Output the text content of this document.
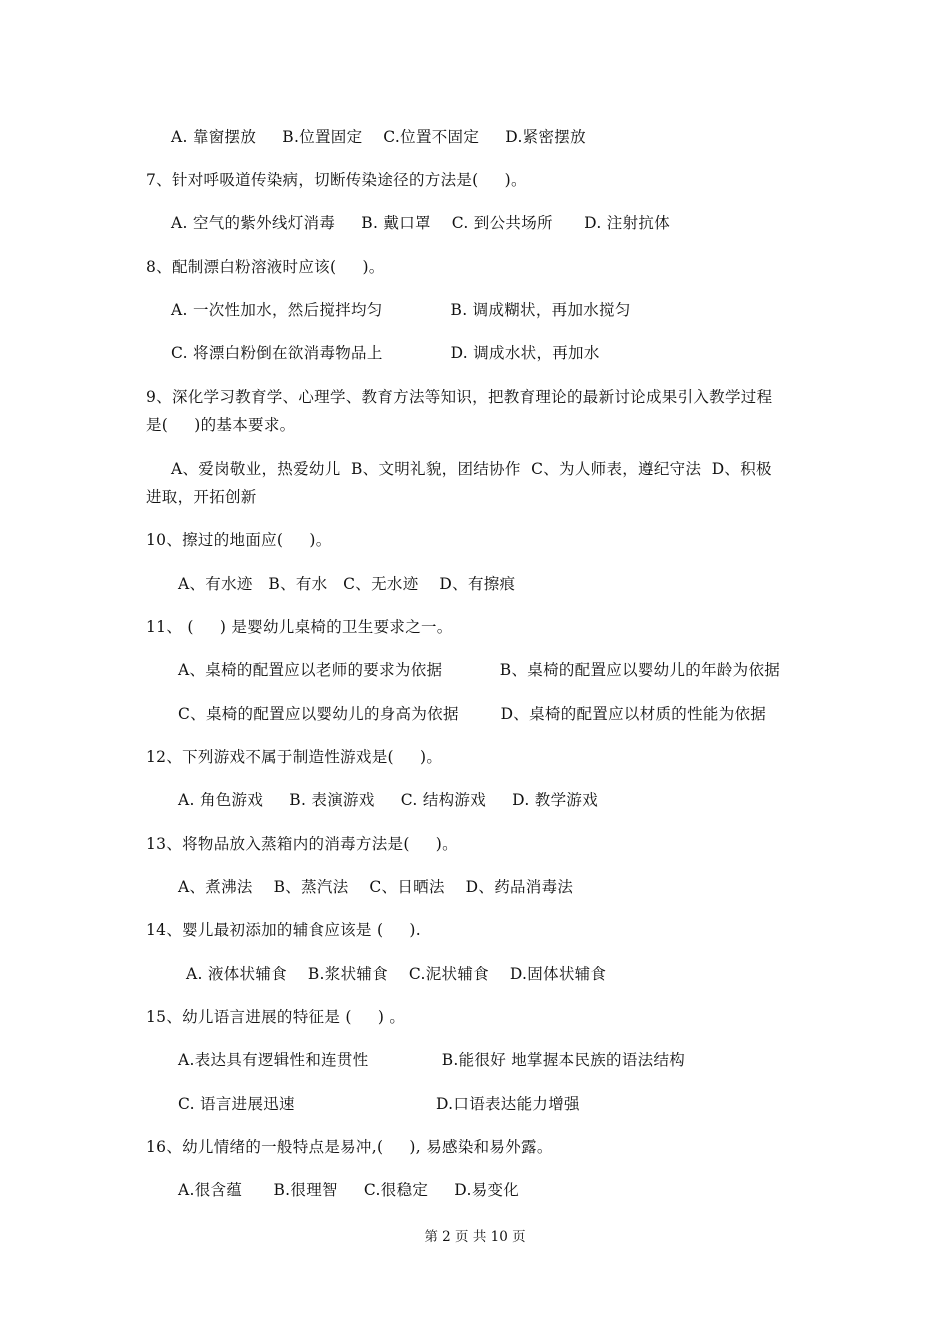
A. 靠窗摆放     B.位置固定    C.位置不固定     D.紧密摆放
7、针对呼吸道传染病，切断传染途径的方法是(     )。
A. 空气的紫外线灯消毒     B. 戴口罩    C. 到公共场所      D. 注射抗体
8、配制漂白粉溶液时应该(     )。
A. 一次性加水，然后搅拌均匀             B. 调成糊状，再加水搅匀
C. 将漂白粉倒在欲消毒物品上             D. 调成水状，再加水
9、深化学习教育学、心理学、教育方法等知识，把教育理论的最新讨论成果引入教学过程
是(     )的基本要求。
A、爱岗敬业，热爱幼儿  B、文明礼貌，团结协作  C、为人师表，遵纪守法  D、积极
进取，开拓创新
10、擦过的地面应(     )。
A、有水迹   B、有水   C、无水迹    D、有擦痕
11、 (     ) 是婴幼儿桌椅的卫生要求之一。
A、桌椅的配置应以老师的要求为依据           B、桌椅的配置应以婴幼儿的年龄为依据
C、桌椅的配置应以婴幼儿的身高为依据        D、桌椅的配置应以材质的性能为依据
12、下列游戏不属于制造性游戏是(     )。
A. 角色游戏     B. 表演游戏     C. 结构游戏     D. 教学游戏
13、将物品放入蒸箱内的消毒方法是(     )。
A、煮沸法    B、蒸汽法    C、日晒法    D、药品消毒法
14、婴儿最初添加的辅食应该是 (     ).
A. 液体状辅食    B.浆状辅食    C.泥状辅食    D.固体状辅食
15、幼儿语言进展的特征是 (     ) 。
A.表达具有逻辑性和连贯性              B.能很好 地掌握本民族的语法结构
C. 语言进展迅速                           D.口语表达能力增强
16、幼儿情绪的一般特点是易冲,(     ), 易感染和易外露。
A.很含蕴      B.很理智     C.很稳定     D.易变化
第 2 页 共 10 页
